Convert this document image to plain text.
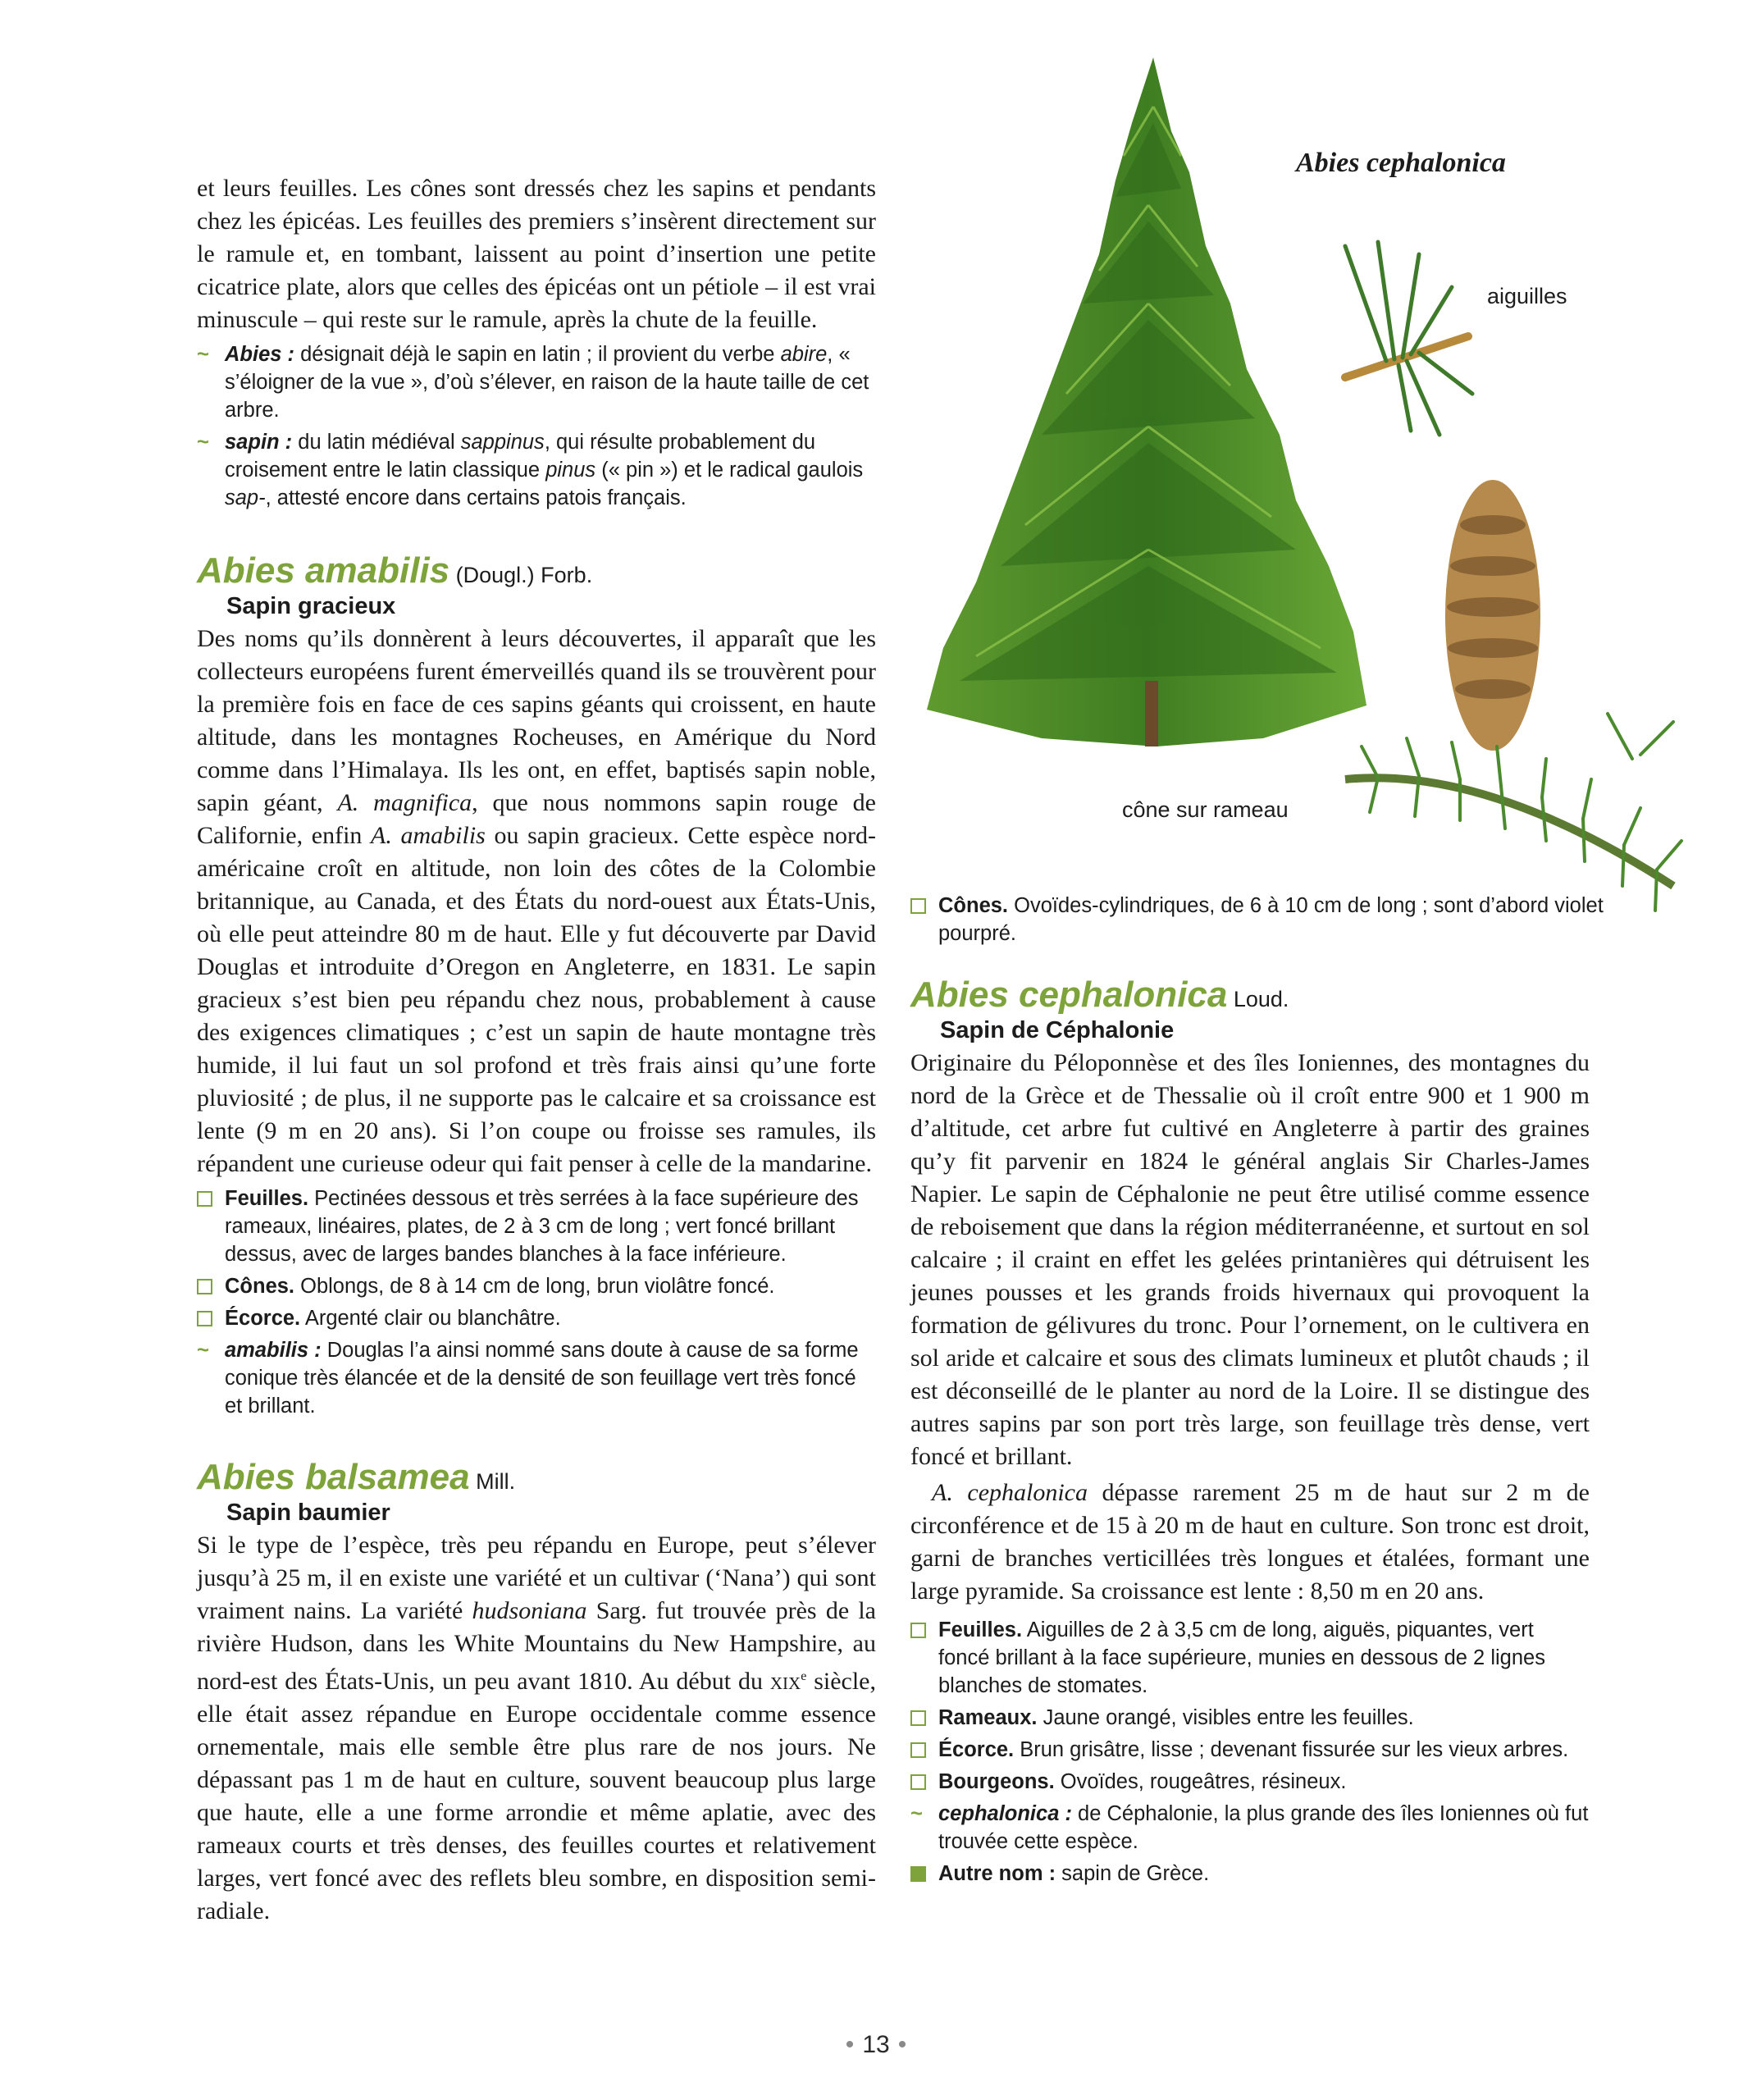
et leurs feuilles. Les cônes sont dressés chez les sapins et pendants chez les épicéas. Les feuilles des premiers s’insèrent directement sur le ramule et, en tombant, laissent au point d’insertion une petite cicatrice plate, alors que celles des épicéas ont un pétiole – il est vrai minuscule – qui reste sur le ramule, après la chute de la feuille.

~ Abies : désignait déjà le sapin en latin ; il provient du verbe abire, « s’éloigner de la vue », d’où s’élever, en raison de la haute taille de cet arbre.
~ sapin : du latin médiéval sappinus, qui résulte probablement du croisement entre le latin classique pinus (« pin ») et le radical gaulois sap-, attesté encore dans certains patois français.

Abies amabilis (Dougl.) Forb.

Sapin gracieux

Des noms qu’ils donnèrent à leurs découvertes, il apparaît que les collecteurs européens furent émerveillés quand ils se trouvèrent pour la première fois en face de ces sapins géants qui croissent, en haute altitude, dans les montagnes Rocheuses, en Amérique du Nord comme dans l’Himalaya. Ils les ont, en effet, baptisés sapin noble, sapin géant, A. magnifica, que nous nommons sapin rouge de Californie, enfin A. amabilis ou sapin gracieux. Cette espèce nord-américaine croît en altitude, non loin des côtes de la Colombie britannique, au Canada, et des États du nord-ouest aux États-Unis, où elle peut atteindre 80 m de haut. Elle y fut découverte par David Douglas et introduite d’Oregon en Angleterre, en 1831. Le sapin gracieux s’est bien peu répandu chez nous, probablement à cause des exigences climatiques ; c’est un sapin de haute montagne très humide, il lui faut un sol profond et très frais ainsi qu’une forte pluviosité ; de plus, il ne supporte pas le calcaire et sa croissance est lente (9 m en 20 ans). Si l’on coupe ou froisse ses ramules, ils répandent une curieuse odeur qui fait penser à celle de la mandarine.

Feuilles. Pectinées dessous et très serrées à la face supérieure des rameaux, linéaires, plates, de 2 à 3 cm de long ; vert foncé brillant dessus, avec de larges bandes blanches à la face inférieure.
Cônes. Oblongs, de 8 à 14 cm de long, brun violâtre foncé.
Écorce. Argenté clair ou blanchâtre.
~ amabilis : Douglas l’a ainsi nommé sans doute à cause de sa forme conique très élancée et de la densité de son feuillage vert très foncé et brillant.

Abies balsamea Mill.

Sapin baumier

Si le type de l’espèce, très peu répandu en Europe, peut s’élever jusqu’à 25 m, il en existe une variété et un cultivar (‘Nana’) qui sont vraiment nains. La variété hudsoniana Sarg. fut trouvée près de la rivière Hudson, dans les White Mountains du New Hampshire, au nord-est des États-Unis, un peu avant 1810. Au début du xix$^e$ siècle, elle était assez répandue en Europe occidentale comme essence ornementale, mais elle semble être plus rare de nos jours. Ne dépassant pas 1 m de haut en culture, souvent beaucoup plus large que haute, elle a une forme arrondie et même aplatie, avec des rameaux courts et très denses, des feuilles courtes et relativement larges, vert foncé avec des reflets bleu sombre, en disposition semi-radiale.

Abies cephalonica
aiguilles
cône sur rameau
Cônes. Ovoïdes-cylindriques, de 6 à 10 cm de long ; sont d’abord violet pourpré.

Abies cephalonica Loud.

Sapin de Céphalonie

Originaire du Péloponnèse et des îles Ioniennes, des montagnes du nord de la Grèce et de Thessalie où il croît entre 900 et 1 900 m d’altitude, cet arbre fut cultivé en Angleterre à partir des graines qu’y fit parvenir en 1824 le général anglais Sir Charles-James Napier. Le sapin de Céphalonie ne peut être utilisé comme essence de reboisement que dans la région méditerranéenne, et surtout en sol calcaire ; il craint en effet les gelées printanières qui détruisent les jeunes pousses et les grands froids hivernaux qui provoquent la formation de gélivures du tronc. Pour l’ornement, on le cultivera en sol aride et calcaire et sous des climats lumineux et plutôt chauds ; il est déconseillé de le planter au nord de la Loire. Il se distingue des autres sapins par son port très large, son feuillage très dense, vert foncé et brillant.

A. cephalonica dépasse rarement 25 m de haut sur 2 m de circonférence et de 15 à 20 m de haut en culture. Son tronc est droit, garni de branches verticillées très longues et étalées, formant une large pyramide. Sa croissance est lente : 8,50 m en 20 ans.

Feuilles. Aiguilles de 2 à 3,5 cm de long, aiguës, piquantes, vert foncé brillant à la face supérieure, munies en dessous de 2 lignes blanches de stomates.
Rameaux. Jaune orangé, visibles entre les feuilles.
Écorce. Brun grisâtre, lisse ; devenant fissurée sur les vieux arbres.
Bourgeons. Ovoïdes, rougeâtres, résineux.
~ cephalonica : de Céphalonie, la plus grande des îles Ioniennes où fut trouvée cette espèce.
Autre nom : sapin de Grèce.
• 13 •
